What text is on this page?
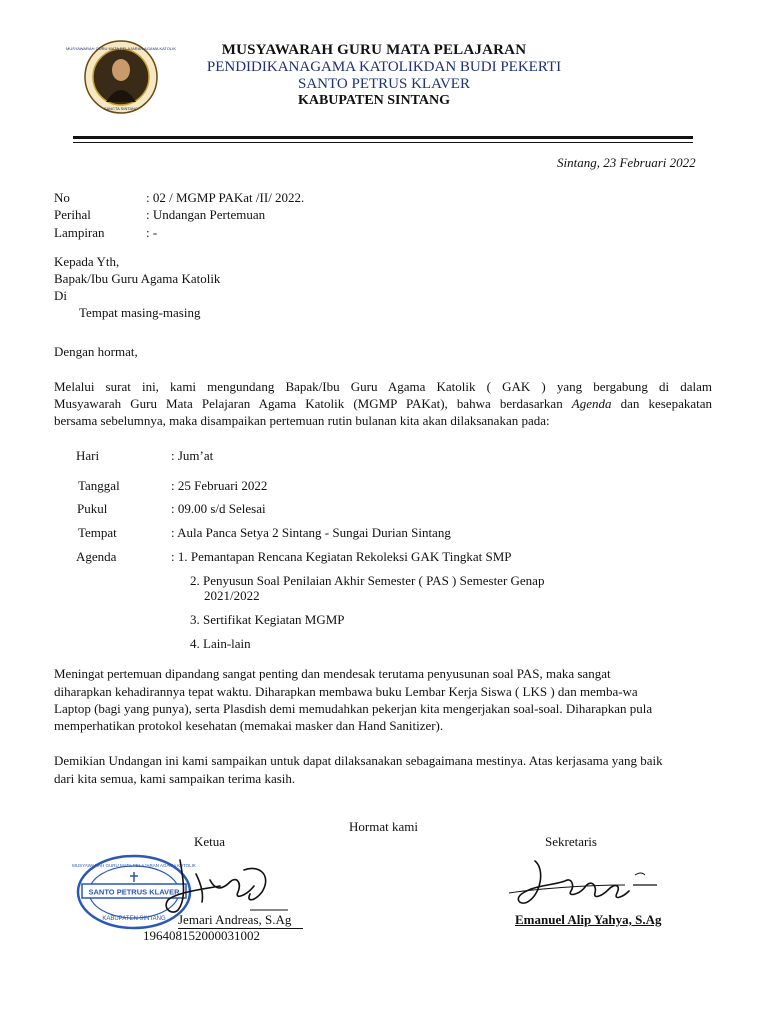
MUSYAWARAH GURU MATA PELAJARAN AGAMA KATOLIK
SANCTA SINTANG
MUSYAWARAH GURU MATA PELAJARAN
PENDIDIKANAGAMA KATOLIKDAN BUDI PEKERTI
SANTO PETRUS KLAVER
KABUPATEN SINTANG
Sintang, 23 Februari 2022
No	: 02 / MGMP PAKat /II/ 2022.
Perihal	: Undangan Pertemuan
Lampiran	: -
Kepada Yth,
Bapak/Ibu Guru Agama Katolik
Di
Tempat masing-masing
Dengan hormat,
Melalui surat ini, kami mengundang Bapak/Ibu Guru Agama Katolik ( GAK ) yang bergabung di dalam
Musyawarah Guru Mata Pelajaran Agama Katolik (MGMP PAKat), bahwa berdasarkan Agenda dan kesepakatan
bersama sebelumnya, maka disampaikan pertemuan rutin bulanan kita akan dilaksanakan pada:
Hari	: Jum’at
Tanggal	: 25 Februari 2022
Pukul	: 09.00 s/d Selesai
Tempat	: Aula Panca Setya 2 Sintang - Sungai Durian Sintang
Agenda	: 1. Pemantapan Rencana Kegiatan Rekoleksi GAK Tingkat SMP
2. Penyusun Soal Penilaian Akhir Semester ( PAS ) Semester Genap
2021/2022
3. Sertifikat Kegiatan MGMP
4. Lain-lain
Meningat pertemuan dipandang sangat penting dan mendesak terutama penyusunan soal PAS, maka sangat
diharapkan kehadirannya tepat waktu. Diharapkan membawa buku Lembar Kerja Siswa ( LKS ) dan memba-wa
Laptop (bagi yang punya), serta Plasdish demi memudahkan pekerjan kita mengerjakan soal-soal. Diharapkan pula
memperhatikan protokol kesehatan (memakai masker dan Hand Sanitizer).
Demikian Undangan ini kami sampaikan untuk dapat dilaksanakan sebagaimana mestinya. Atas kerjasama yang baik
dari kita semua, kami sampaikan terima kasih.
Hormat kami
Ketua	Sekretaris
MUSYAWARAH GURU MATA PELAJARAN AGAMA KATOLIK
SANTO PETRUS KLAVER
KABUPATEN SINTANG Jemari Andreas, S.Ag
196408152000031002
Emanuel Alip Yahya, S.Ag
